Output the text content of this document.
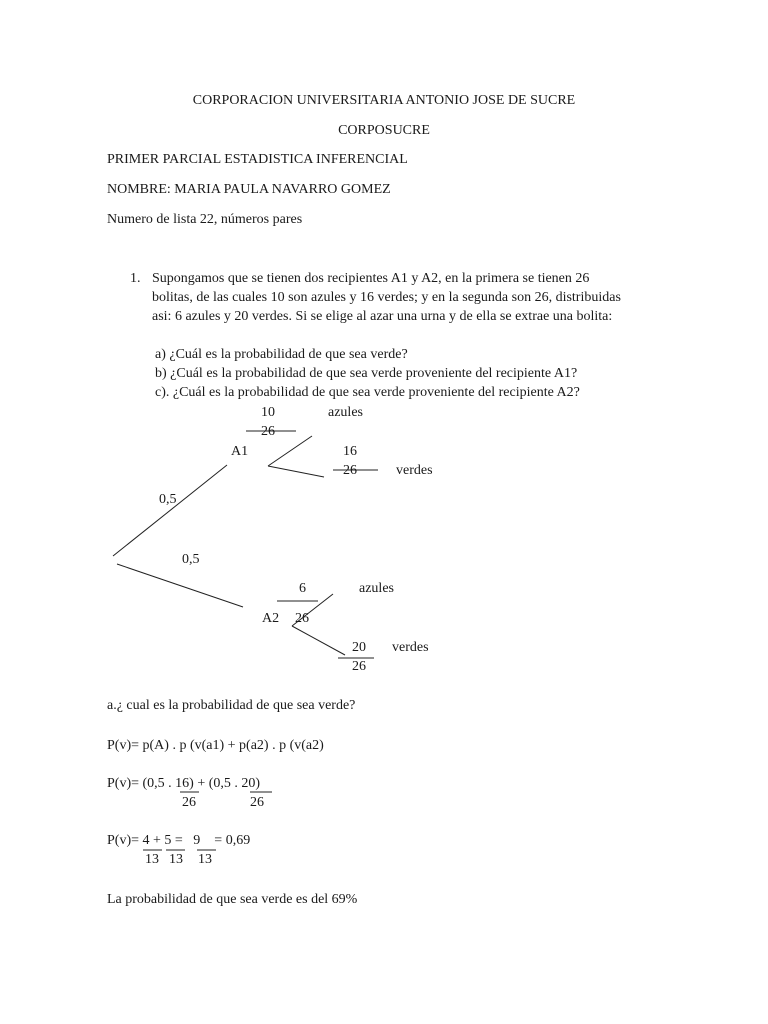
CORPORACION UNIVERSITARIA ANTONIO JOSE DE SUCRE
CORPOSUCRE
PRIMER PARCIAL ESTADISTICA INFERENCIAL
NOMBRE: MARIA PAULA NAVARRO GOMEZ
Numero de lista 22, números pares
1. Supongamos que se tienen dos recipientes A1 y A2, en la primera se tienen 26
bolitas, de las cuales 10 son azules y 16 verdes; y en la segunda son 26, distribuidas
asi: 6 azules y 20 verdes. Si se elige al azar una urna y de ella se extrae una bolita:
a) ¿Cuál es la probabilidad de que sea verde?
b) ¿Cuál es la probabilidad de que sea verde proveniente del recipiente A1?
c). ¿Cuál es la probabilidad de que sea verde proveniente del recipiente A2?
10
26
azules
A1	16
26	verdes
0,5
0,5
6	azules
A2 26
20
26
verdes
a.¿ cual es la probabilidad de que sea verde?
P(v)= p(A) . p (v(a1) + p(a2) . p (v(a2)
P(v)= (0,5 . 16) + (0,5 . 20)
26	26
P(v)= 4 + 5 =   9    = 0,69
13 13 13
La probabilidad de que sea verde es del 69%
